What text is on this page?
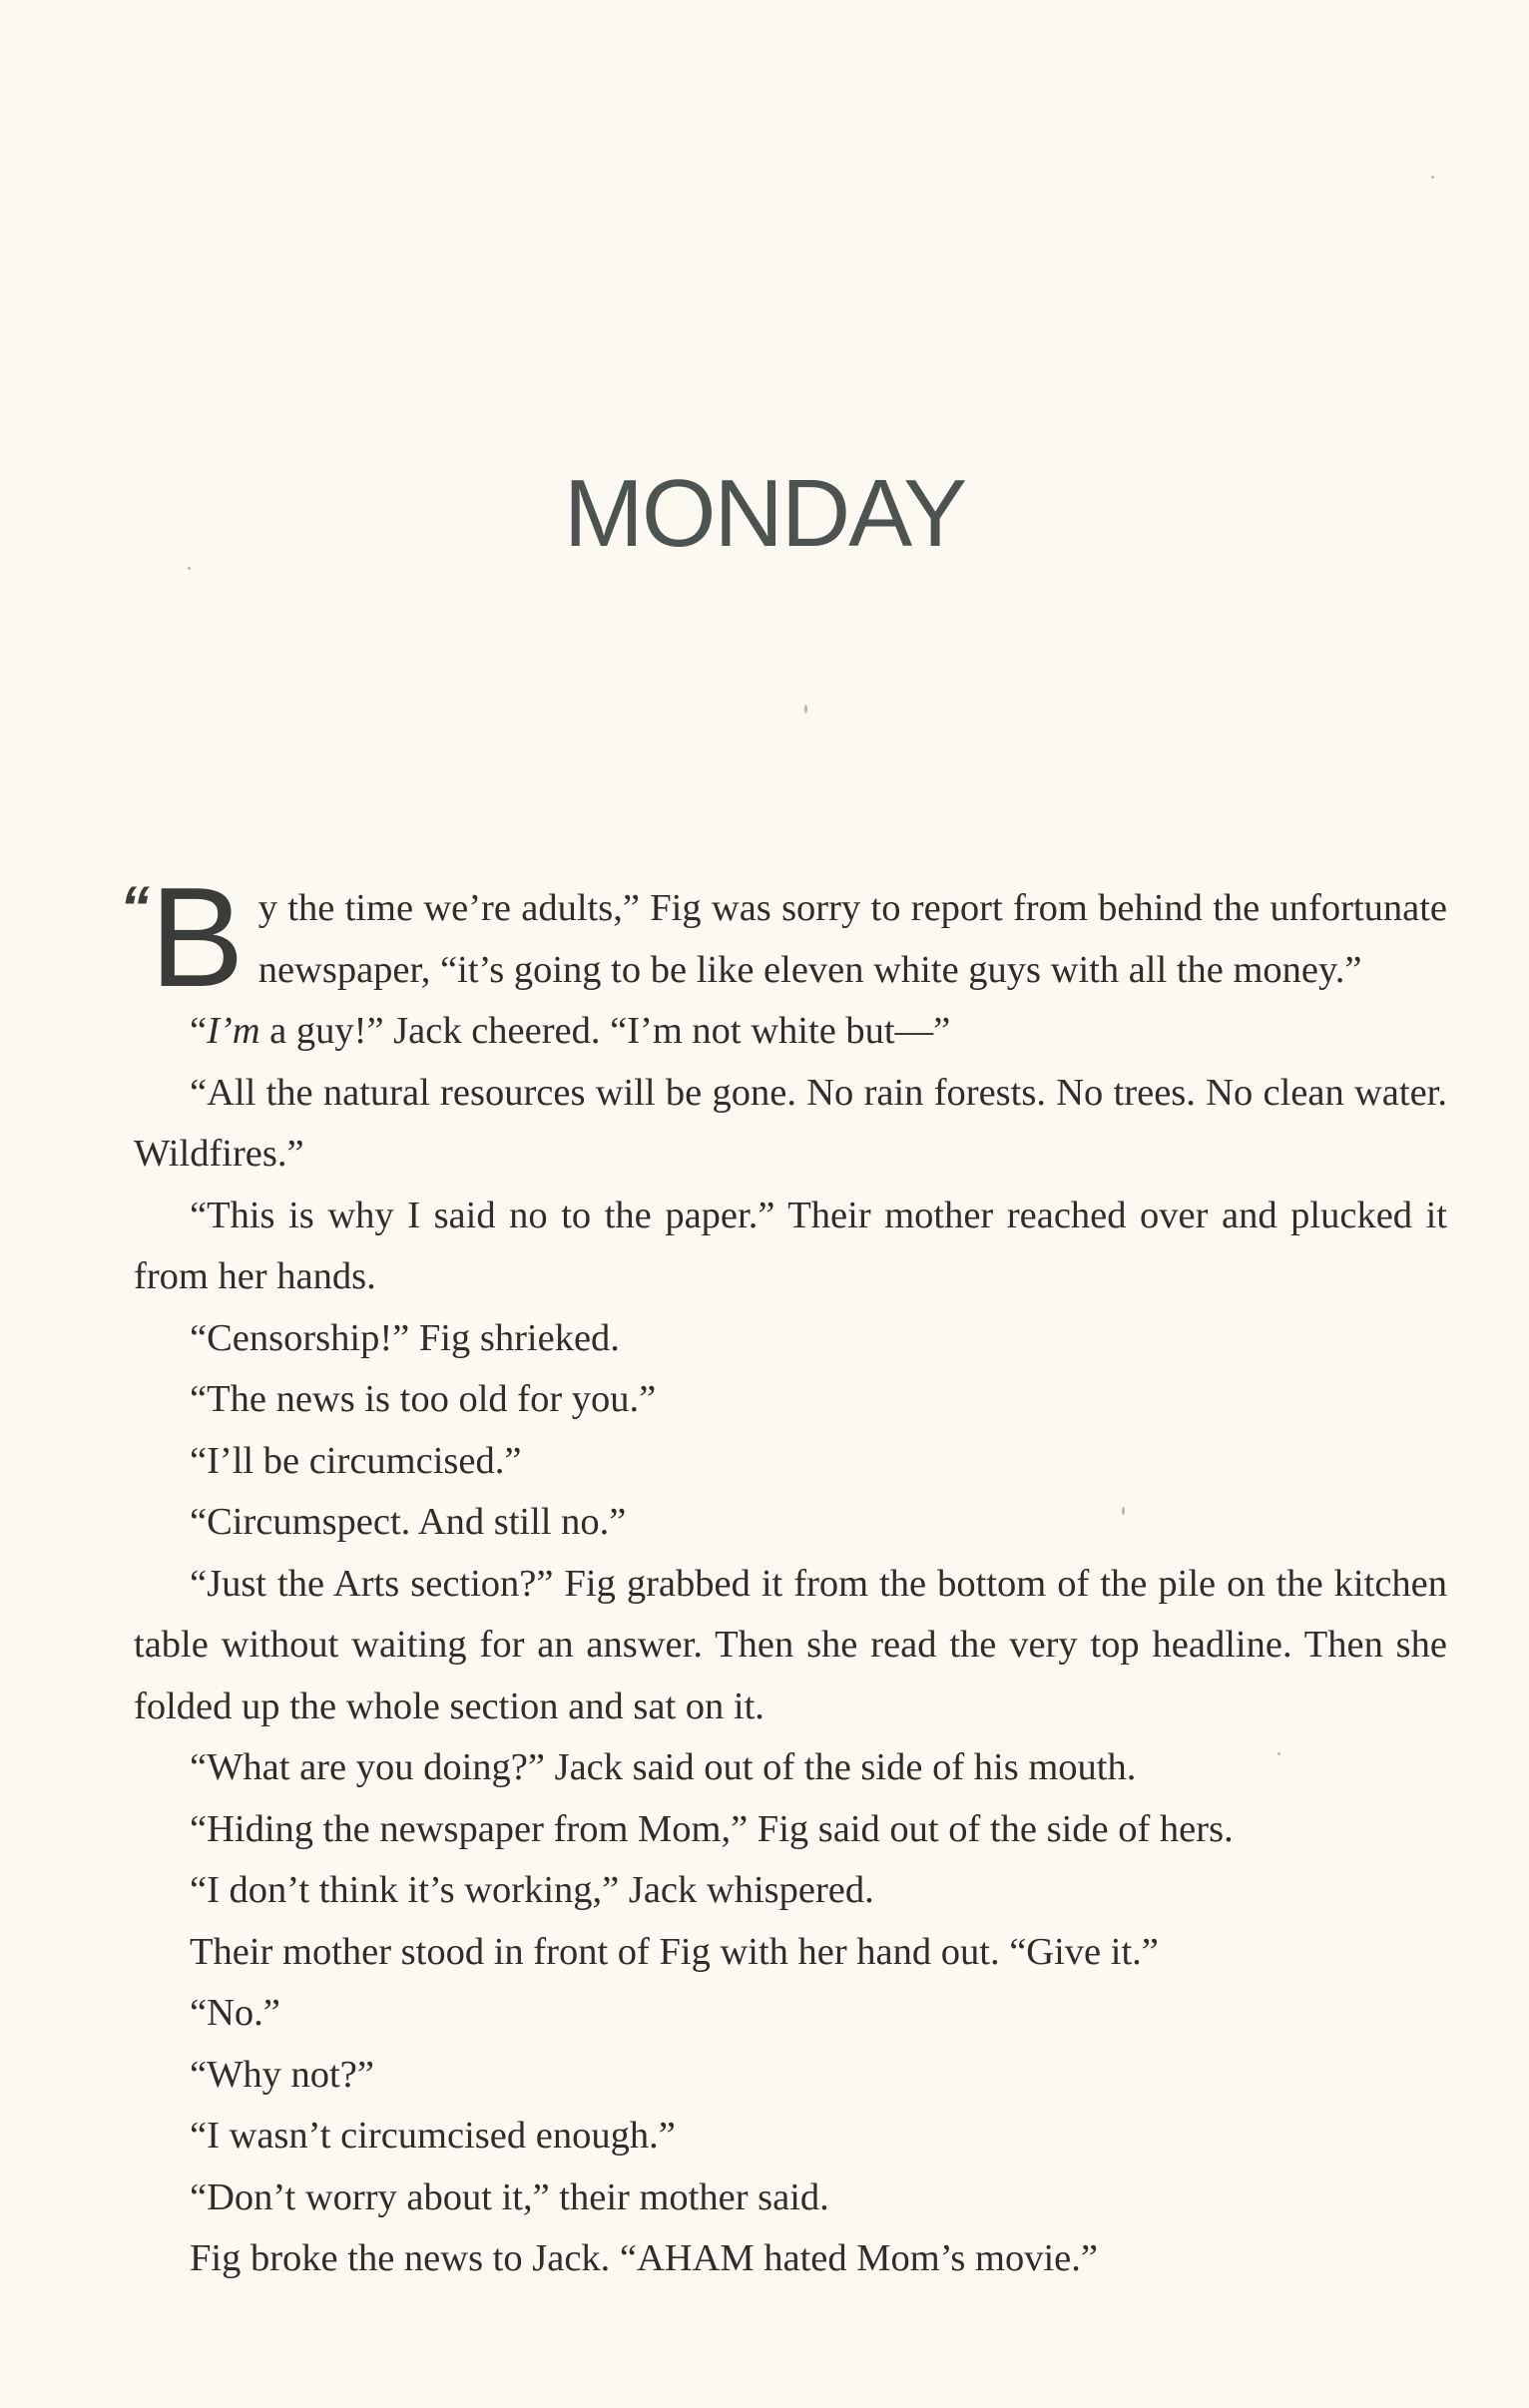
MONDAY

“ B y the time we’re adults,” Fig was sorry to report from behind the unfortunate newspaper, “it’s going to be like eleven white guys with all the money.”

“I’m a guy!” Jack cheered. “I’m not white but—”

“All the natural resources will be gone. No rain forests. No trees. No clean water. Wildfires.”

“This is why I said no to the paper.” Their mother reached over and plucked it from her hands.

“Censorship!” Fig shrieked.

“The news is too old for you.”

“I’ll be circumcised.”

“Circumspect. And still no.”

“Just the Arts section?” Fig grabbed it from the bottom of the pile on the kitchen table without waiting for an answer. Then she read the very top headline. Then she folded up the whole section and sat on it.

“What are you doing?” Jack said out of the side of his mouth.

“Hiding the newspaper from Mom,” Fig said out of the side of hers.

“I don’t think it’s working,” Jack whispered.

Their mother stood in front of Fig with her hand out. “Give it.”

“No.”

“Why not?”

“I wasn’t circumcised enough.”

“Don’t worry about it,” their mother said.

Fig broke the news to Jack. “AHAM hated Mom’s movie.”
